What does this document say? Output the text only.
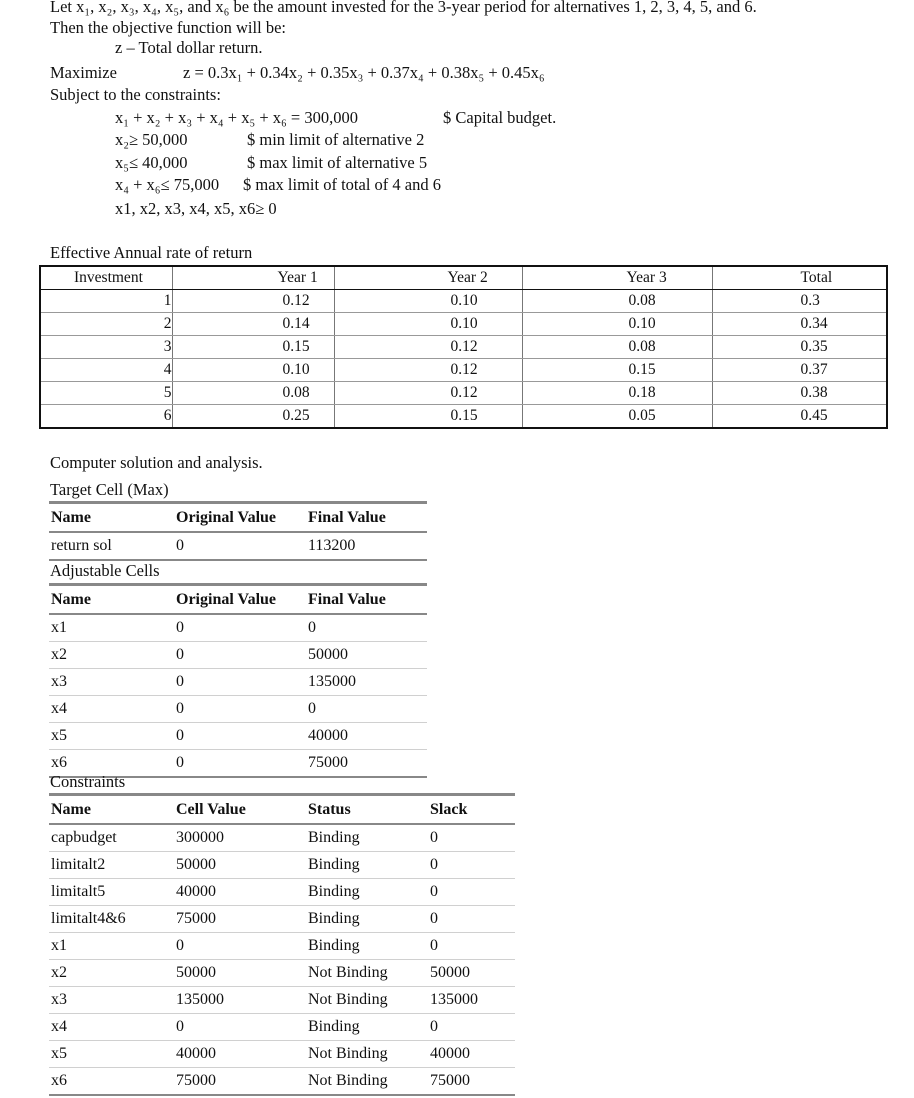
Let x₁, x₂, x₃, x₄, x₅, and x₆ be the amount invested for the 3-year period for alternatives 1, 2, 3, 4, 5, and 6.
Then the objective function will be:
z – Total dollar return.
Maximize	z = 0.3x₁ + 0.34x₂ + 0.35x₃ + 0.37x₄ + 0.38x₅ + 0.45x₆
Subject to the constraints:
x₁ + x₂ + x₃ + x₄ + x₅ + x₆ = 300,000	$ Capital budget.
x₂≥ 50,000	$ min limit of alternative 2
x₅≤ 40,000	$ max limit of alternative 5
x₄ + x₆≤ 75,000 $ max limit of total of 4 and 6
x1, x2, x3, x4, x5, x6≥ 0
Effective Annual rate of return
Investment	Year 1	Year 2	Year 3	Total
1	0.12	0.10	0.08	0.3
2	0.14	0.10	0.10	0.34
3	0.15	0.12	0.08	0.35
4	0.10	0.12	0.15	0.37
5	0.08	0.12	0.18	0.38
6	0.25	0.15	0.05	0.45
Computer solution and analysis.
Target Cell (Max)
Name	Original Value	Final Value
return sol	0	113200
Adjustable Cells
Name	Original Value	Final Value
x1	0	0
x2	0	50000
x3	0	135000
x4	0	0
x5	0	40000
x6	0	75000
Constraints
Name	Cell Value	Status	Slack
capbudget	300000	Binding	0
limitalt2	50000	Binding	0
limitalt5	40000	Binding	0
limitalt4&6	75000	Binding	0
x1	0	Binding	0
x2	50000	Not Binding	50000
x3	135000	Not Binding	135000
x4	0	Binding	0
x5	40000	Not Binding	40000
x6	75000	Not Binding	75000
